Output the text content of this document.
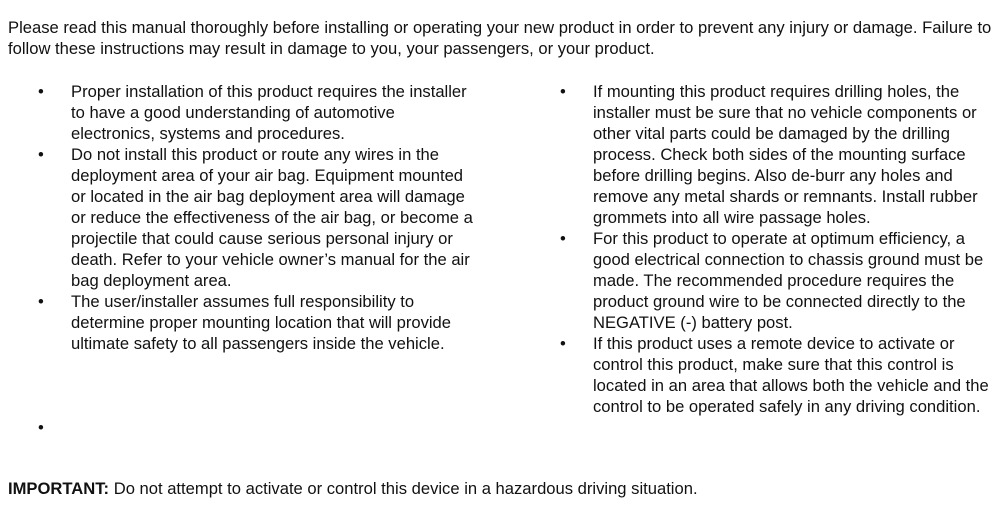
Please read this manual thoroughly before installing or operating your new product in order to prevent any injury or damage. Failure to follow these instructions may result in damage to you, your passengers, or your product.

•	Proper installation of this product requires the installer to have a good understanding of automotive electronics, systems and procedures.
•	Do not install this product or route any wires in the deployment area of your air bag. Equipment mounted or located in the air bag deployment area will damage or reduce the effectiveness of the air bag, or become a projectile that could cause serious personal injury or death. Refer to your vehicle owner’s manual for the air bag deployment area.
•	The user/installer assumes full responsibility to determine proper mounting location that will provide ultimate safety to all passengers inside the vehicle.
•
•	If mounting this product requires drilling holes, the installer must be sure that no vehicle components or other vital parts could be damaged by the drilling process. Check both sides of the mounting surface before drilling begins. Also de-burr any holes and remove any metal shards or remnants. Install rubber grommets into all wire passage holes.
•	For this product to operate at optimum efficiency, a good electrical connection to chassis ground must be made. The recommended procedure requires the product ground wire to be connected directly to the NEGATIVE (-) battery post.
•	If this product uses a remote device to activate or control this product, make sure that this control is located in an area that allows both the vehicle and the control to be operated safely in any driving condition.

IMPORTANT: Do not attempt to activate or control this device in a hazardous driving situation.
